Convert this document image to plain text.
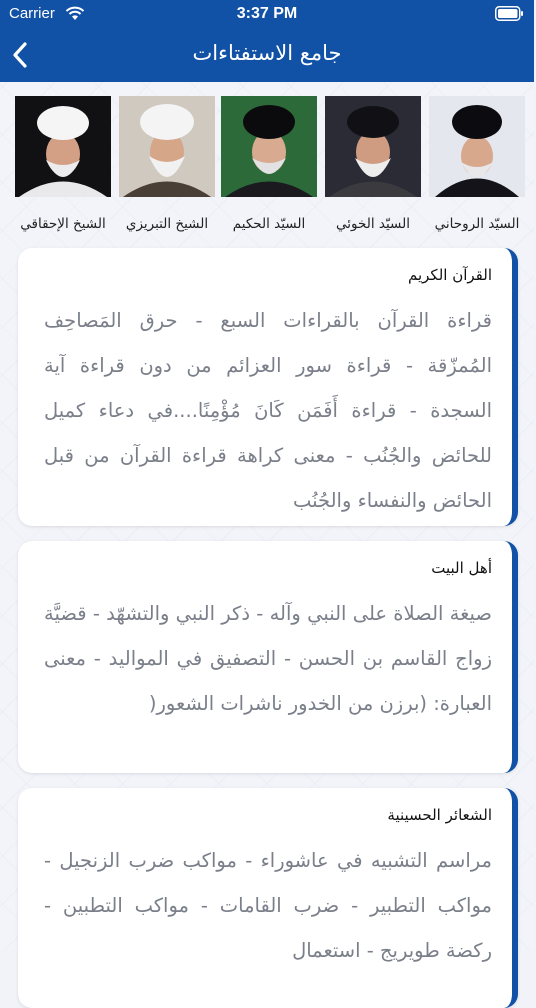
Carrier	3:37 PM
جامع الاستفتاءات
السيّد الروحاني
السيّد الخوئي
السيّد الحكيم
الشيخ التبريزي
الشيخ الإحقاقي
القرآن الكريم
قراءة القرآن بالقراءات السبع - حرق المَصاحِف المُمزّقة - قراءة سور العزائم من دون قراءة آية السجدة - قراءة أَفَمَن كَانَ مُؤْمِنًا....في دعاء كميل للحائض والجُنُب - معنى كراهة قراءة القرآن من قبل الحائض والنفساء والجُنُب
أهل البيت
صيغة الصلاة على النبي وآله - ذكر النبي والتشهّد - قضيَّة زواج القاسم بن الحسن - التصفيق في المواليد - معنى العبارة: (برزن من الخدور ناشرات الشعور(
الشعائر الحسينية
مراسم التشبيه في عاشوراء - مواكب ضرب الزنجيل - مواكب التطبير - ضرب القامات - مواكب التطبين - ركضة طويريج - استعمال
